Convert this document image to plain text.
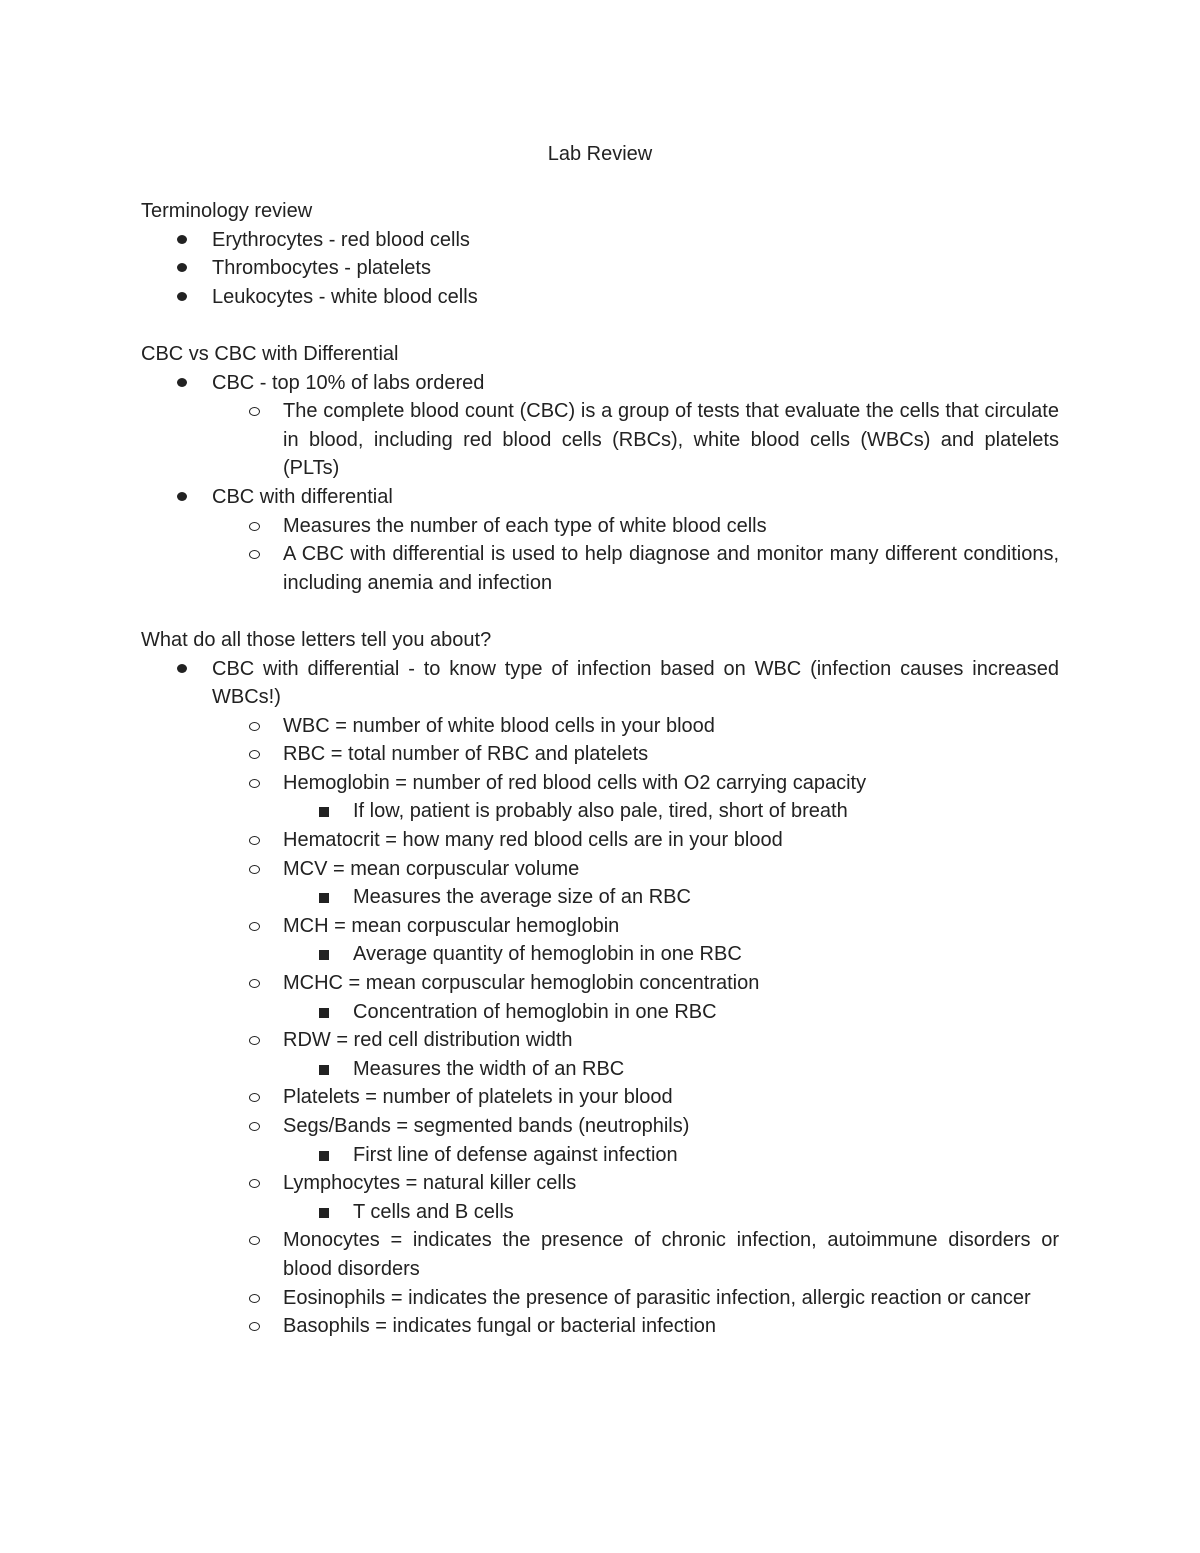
Lab Review
Terminology review
Erythrocytes - red blood cells
Thrombocytes - platelets
Leukocytes - white blood cells
CBC vs CBC with Differential
CBC - top 10% of labs ordered
The complete blood count (CBC) is a group of tests that evaluate the cells that circulate in blood, including red blood cells (RBCs), white blood cells (WBCs) and platelets (PLTs)
CBC with differential
Measures the number of each type of white blood cells
A CBC with differential is used to help diagnose and monitor many different conditions, including anemia and infection
What do all those letters tell you about?
CBC with differential - to know type of infection based on WBC (infection causes increased WBCs!)
WBC = number of white blood cells in your blood
RBC = total number of RBC and platelets
Hemoglobin = number of red blood cells with O2 carrying capacity
If low, patient is probably also pale, tired, short of breath
Hematocrit = how many red blood cells are in your blood
MCV = mean corpuscular volume
Measures the average size of an RBC
MCH = mean corpuscular hemoglobin
Average quantity of hemoglobin in one RBC
MCHC = mean corpuscular hemoglobin concentration
Concentration of hemoglobin in one RBC
RDW = red cell distribution width
Measures the width of an RBC
Platelets = number of platelets in your blood
Segs/Bands = segmented bands (neutrophils)
First line of defense against infection
Lymphocytes = natural killer cells
T cells and B cells
Monocytes = indicates the presence of chronic infection, autoimmune disorders or blood disorders
Eosinophils = indicates the presence of parasitic infection, allergic reaction or cancer
Basophils = indicates fungal or bacterial infection
